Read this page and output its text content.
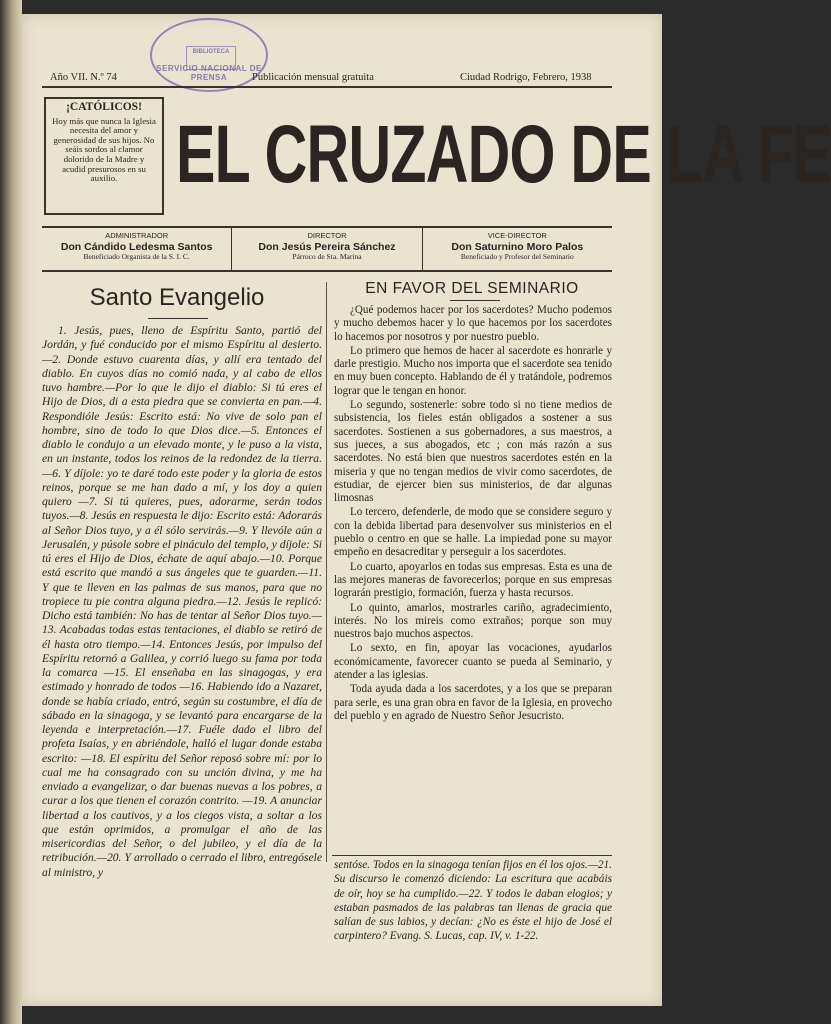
BIBLIOTECA
SERVICIO NACIONAL DE PRENSA
Año VII. N.º 74	Publicación mensual gratuita	Ciudad Rodrigo, Febrero, 1938
¡CATÓLICOS!
Hoy más que nunca la Iglesia necesita del amor y generosidad de sus hijos. No seáis sordos al clamor dolorido de la Madre y acudid presurosos en su auxilio. EL CRUZADO DE LA FE
ADMINISTRADOR
Don Cándido Ledesma Santos
Beneficiado Organista de la S. I. C.
DIRECTOR
Don Jesús Pereira Sánchez
Párroco de Sta. Marina
VICE-DIRECTOR
Don Saturnino Moro Palos
Beneficiado y Profesor del Seminario
Santo Evangelio

1. Jesús, pues, lleno de Espíritu Santo, partió del Jordán, y fué conducido por el mismo Espíritu al desierto.—2. Donde estuvo cuarenta días, y allí era tentado del diablo. En cuyos días no comió nada, y al cabo de ellos tuvo hambre.—Por lo que le dijo el diablo: Si tú eres el Hijo de Dios, di a esta piedra que se convierta en pan.—4. Respondióle Jesús: Escrito está: No vive de solo pan el hombre, sino de todo lo que Dios dice.—5. Entonces el diablo le condujo a un elevado monte, y le puso a la vista, en un instante, todos los reinos de la redondez de la tierra.—6. Y díjole: yo te daré todo este poder y la gloria de estos reinos, porque se me han dado a mí, y los doy a quien quiero —7. Si tú quieres, pues, adorarme, serán todos tuyos.—8. Jesús en respuesta le dijo: Escrito está: Adorarás al Señor Dios tuyo, y a él sólo servirás.—9. Y llevóle aún a Jerusalén, y púsole sobre el pináculo del templo, y díjole: Si tú eres el Hijo de Dios, échate de aquí abajo.—10. Porque está escrito que mandó a sus ángeles que te guarden.—11. Y que te lleven en las palmas de sus manos, para que no tropiece tu pie contra alguna piedra.—12. Jesús le replicó: Dicho está también: No has de tentar al Señor Dios tuyo.—13. Acabadas todas estas tentaciones, el diablo se retiró de él hasta otro tiempo.—14. Entonces Jesús, por impulso del Espíritu retornó a Galilea, y corrió luego su fama por toda la comarca —15. El enseñaba en las sinagogas, y era estimado y honrado de todos —16. Habiendo ido a Nazaret, donde se había criado, entró, según su costumbre, el día de sábado en la sinagoga, y se levantó para encargarse de la leyenda e interpretación.—17. Fuéle dado el libro del profeta Isaías, y en abriéndole, halló el lugar donde estaba escrito: —18. El espíritu del Señor reposó sobre mí: por lo cual me ha consagrado con su unción divina, y me ha enviado a evangelizar, o dar buenas nuevas a los pobres, a curar a los que tienen el corazón contrito. —19. A anunciar libertad a los cautivos, y a los ciegos vista, a soltar a los que están oprimidos, a promulgar el año de las misericordias del Señor, o del jubileo, y el día de la retribución.—20. Y arrollado o cerrado el libro, entregósele al ministro, y

EN FAVOR DEL SEMINARIO

¿Qué podemos hacer por los sacerdotes? Mucho podemos y mucho debemos hacer y lo que hacemos por los sacerdotes lo hacemos por nosotros y por nuestro pueblo.

Lo primero que hemos de hacer al sacerdote es honrarle y darle prestigio. Mucho nos importa que el sacerdote sea tenido en muy buen concepto. Hablando de él y tratándole, podremos lograr que le tengan en honor.

Lo segundo, sostenerle: sobre todo si no tiene medios de subsistencia, los fieles están obligados a sostener a sus sacerdotes. Sostienen a sus gobernadores, a sus maestros, a sus jueces, a sus abogados, etc ; con más razón a sus sacerdotes. No está bien que nuestros sacerdotes estén en la miseria y que no tengan medios de vivir como sacerdotes, de estudiar, de ejercer bien sus ministerios, de dar algunas limosnas

Lo tercero, defenderle, de modo que se considere seguro y con la debida libertad para desenvolver sus ministerios en el pueblo o centro en que se halle. La impiedad pone su mayor empeño en desacreditar y perseguir a los sacerdotes.

Lo cuarto, apoyarlos en todas sus empresas. Esta es una de las mejores maneras de favorecerlos; porque en sus empresas lograrán prestigio, formación, fuerza y hasta recursos.

Lo quinto, amarlos, mostrarles cariño, agradecimiento, interés. No los mireis como extraños; porque son muy nuestros bajo muchos aspectos.

Lo sexto, en fin, apoyar las vocaciones, ayudarlos económicamente, favorecer cuanto se pueda al Seminario, y atender a las iglesias.

Toda ayuda dada a los sacerdotes, y a los que se preparan para serle, es una gran obra en favor de la Iglesia, en provecho del pueblo y en agrado de Nuestro Señor Jesucristo.

sentóse. Todos en la sinagoga tenían fijos en él los ojos.—21. Su discurso le comenzó diciendo: La escritura que acabáis de oír, hoy se ha cumplido.—22. Y todos le daban elogios; y estaban pasmados de las palabras tan llenas de gracia que salían de sus labios, y decían: ¿No es éste el hijo de José el carpintero? Evang. S. Lucas, cap. IV, v. 1-22.
